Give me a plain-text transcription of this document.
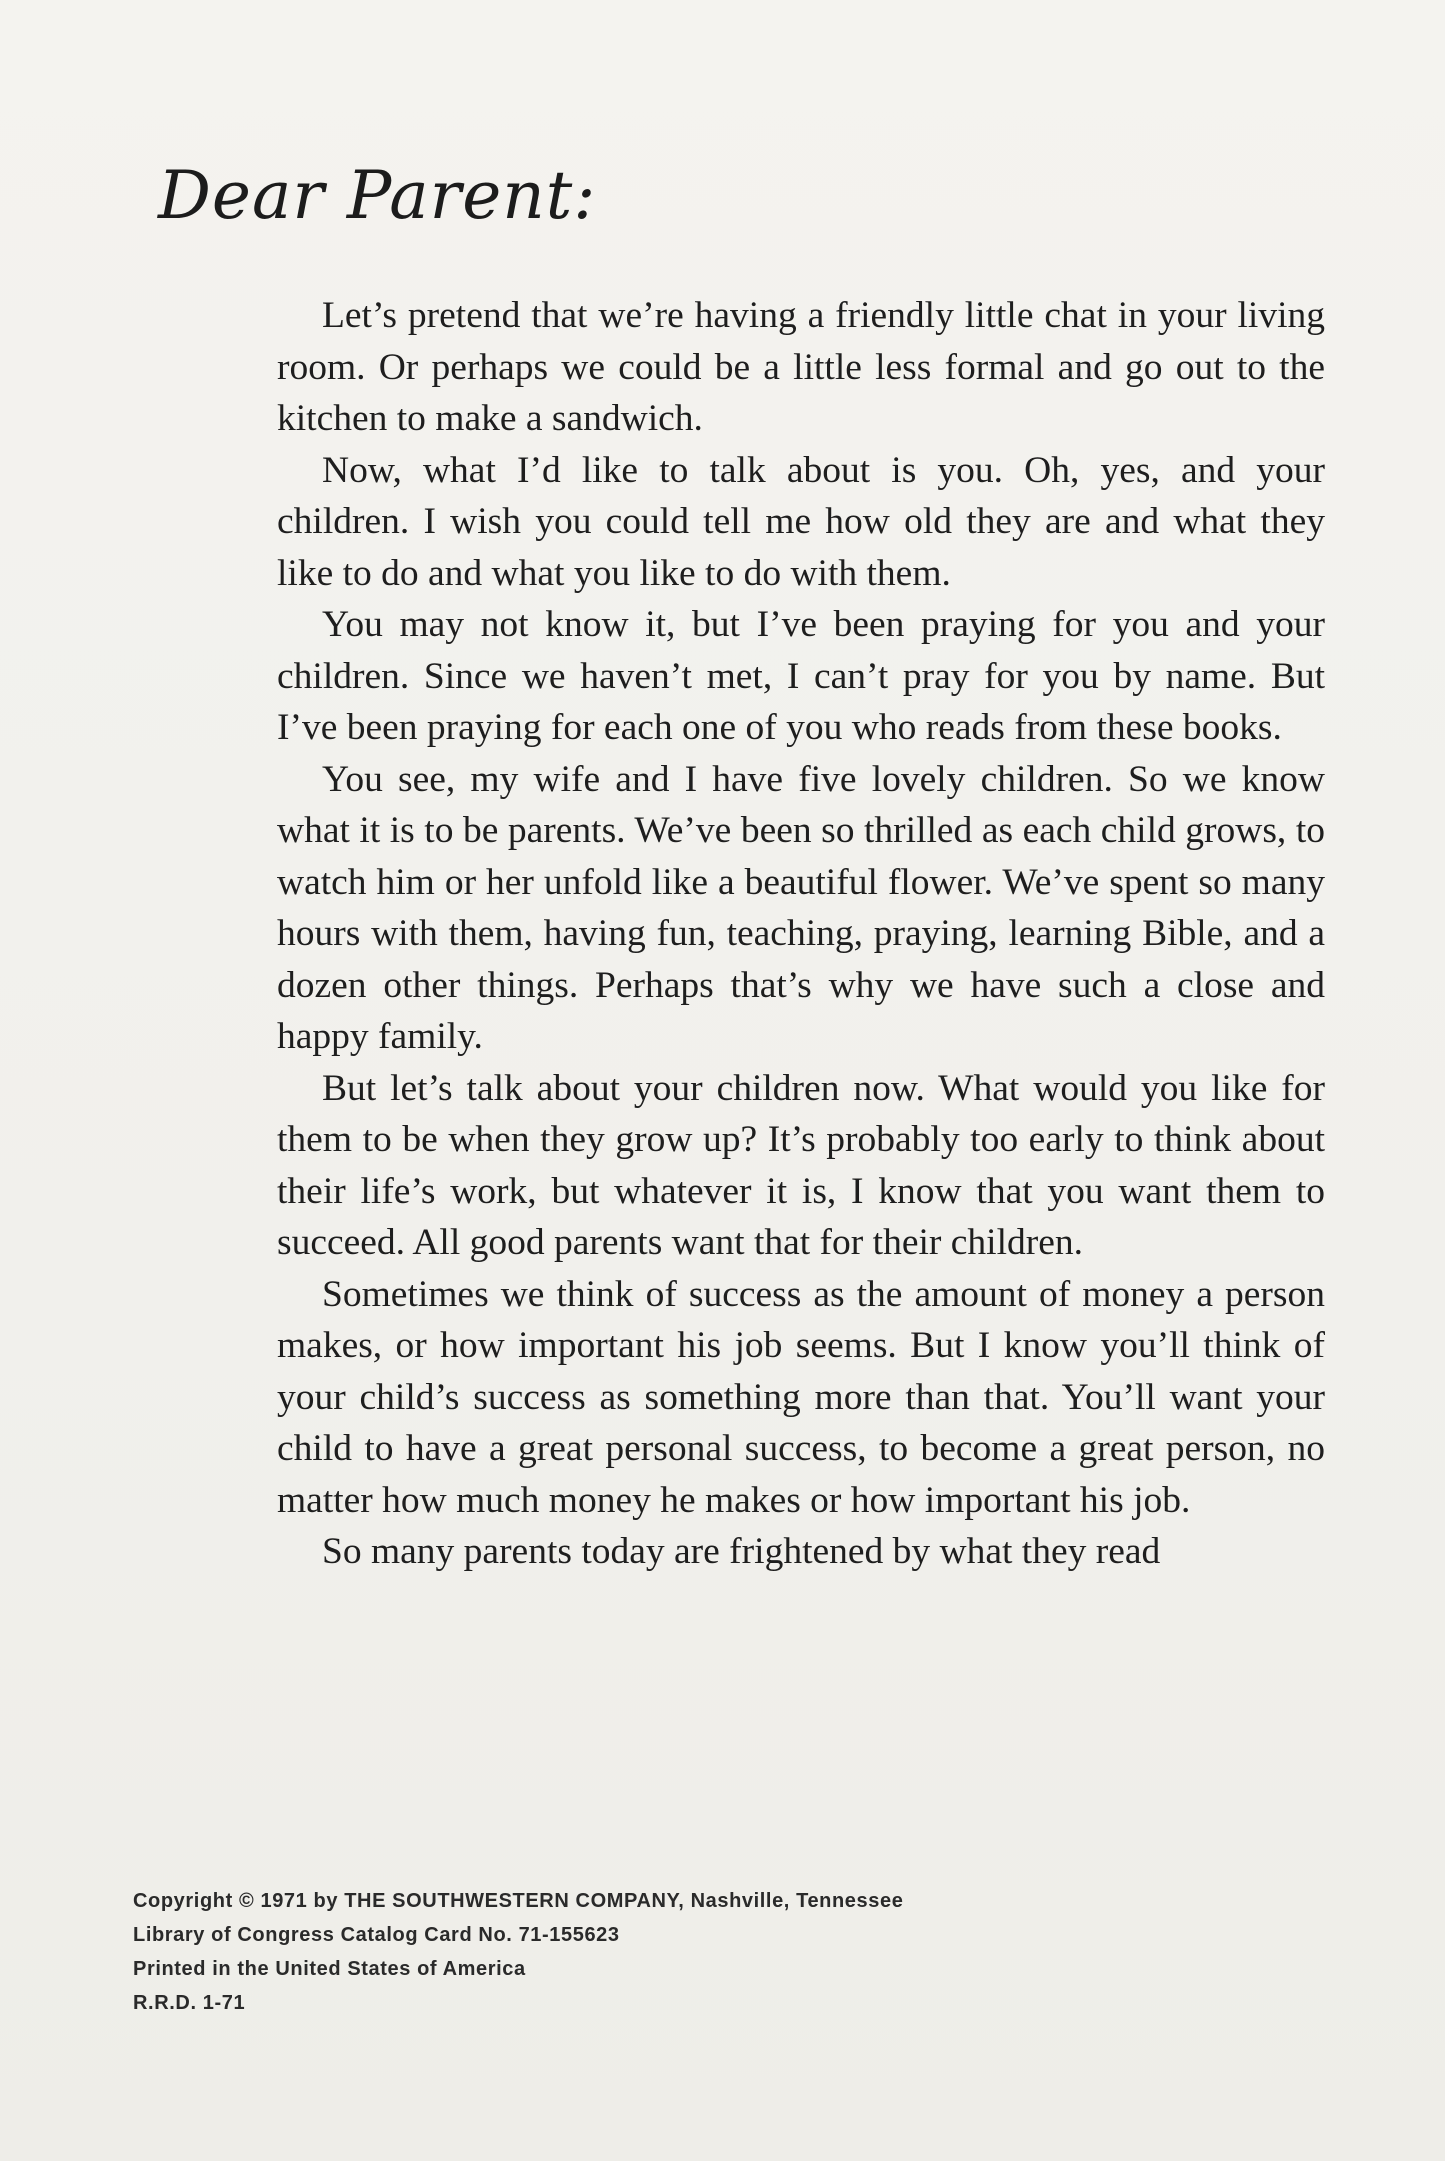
Dear Parent:

Let’s pretend that we’re having a friendly little chat in your living room. Or perhaps we could be a little less formal and go out to the kitchen to make a sandwich.

Now, what I’d like to talk about is you. Oh, yes, and your children. I wish you could tell me how old they are and what they like to do and what you like to do with them.

You may not know it, but I’ve been praying for you and your children. Since we haven’t met, I can’t pray for you by name. But I’ve been praying for each one of you who reads from these books.

You see, my wife and I have five lovely children. So we know what it is to be parents. We’ve been so thrilled as each child grows, to watch him or her unfold like a beautiful flower. We’ve spent so many hours with them, having fun, teaching, praying, learning Bible, and a dozen other things. Perhaps that’s why we have such a close and happy family.

But let’s talk about your children now. What would you like for them to be when they grow up? It’s probably too early to think about their life’s work, but whatever it is, I know that you want them to succeed. All good parents want that for their children.

Sometimes we think of success as the amount of money a person makes, or how important his job seems. But I know you’ll think of your child’s success as something more than that. You’ll want your child to have a great personal success, to become a great person, no matter how much money he makes or how important his job.

So many parents today are frightened by what they read

Copyright © 1971 by THE SOUTHWESTERN COMPANY, Nashville, Tennessee
Library of Congress Catalog Card No. 71-155623
Printed in the United States of America
R.R.D. 1-71
